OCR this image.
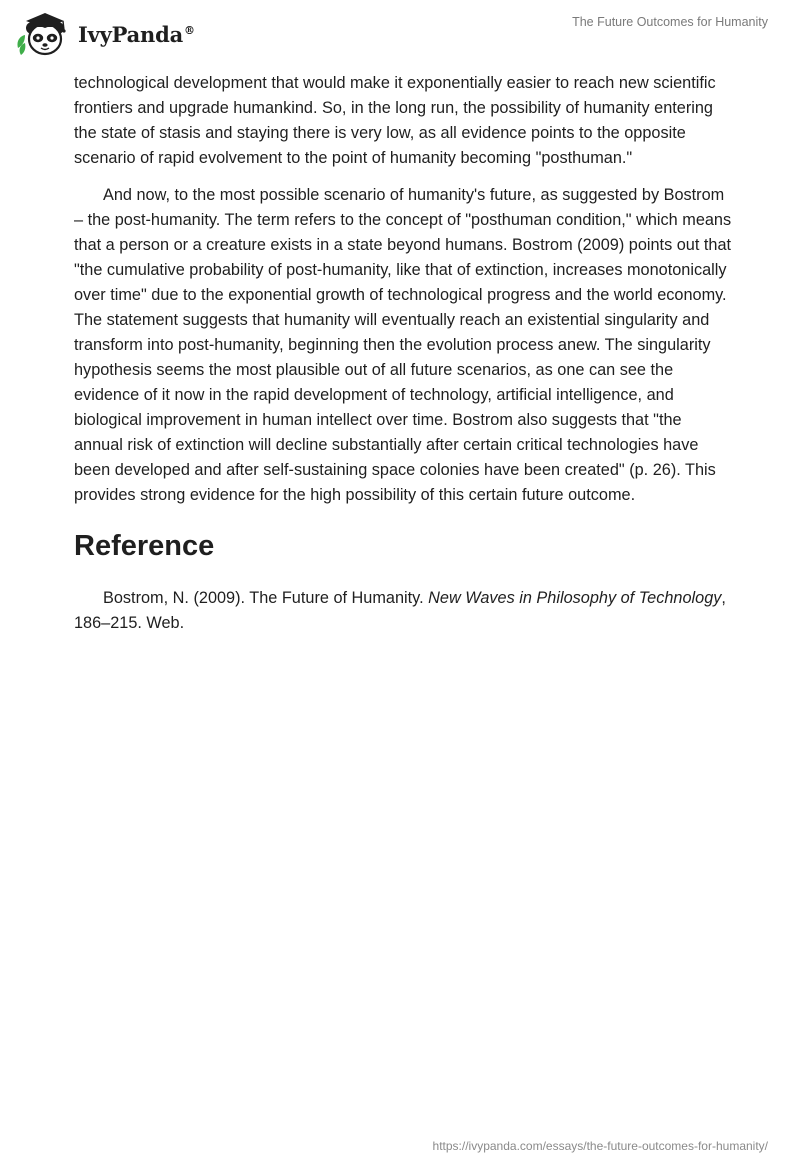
IvyPanda®
The Future Outcomes for Humanity

technological development that would make it exponentially easier to reach new scientific frontiers and upgrade humankind. So, in the long run, the possibility of humanity entering the state of stasis and staying there is very low, as all evidence points to the opposite scenario of rapid evolvement to the point of humanity becoming "posthuman."

And now, to the most possible scenario of humanity's future, as suggested by Bostrom – the post-humanity. The term refers to the concept of "posthuman condition," which means that a person or a creature exists in a state beyond humans. Bostrom (2009) points out that "the cumulative probability of post-humanity, like that of extinction, increases monotonically over time" due to the exponential growth of technological progress and the world economy. The statement suggests that humanity will eventually reach an existential singularity and transform into post-humanity, beginning then the evolution process anew. The singularity hypothesis seems the most plausible out of all future scenarios, as one can see the evidence of it now in the rapid development of technology, artificial intelligence, and biological improvement in human intellect over time. Bostrom also suggests that "the annual risk of extinction will decline substantially after certain critical technologies have been developed and after self-sustaining space colonies have been created" (p. 26). This provides strong evidence for the high possibility of this certain future outcome.

Reference

Bostrom, N. (2009). The Future of Humanity. New Waves in Philosophy of Technology, 186–215. Web.

https://ivypanda.com/essays/the-future-outcomes-for-humanity/
